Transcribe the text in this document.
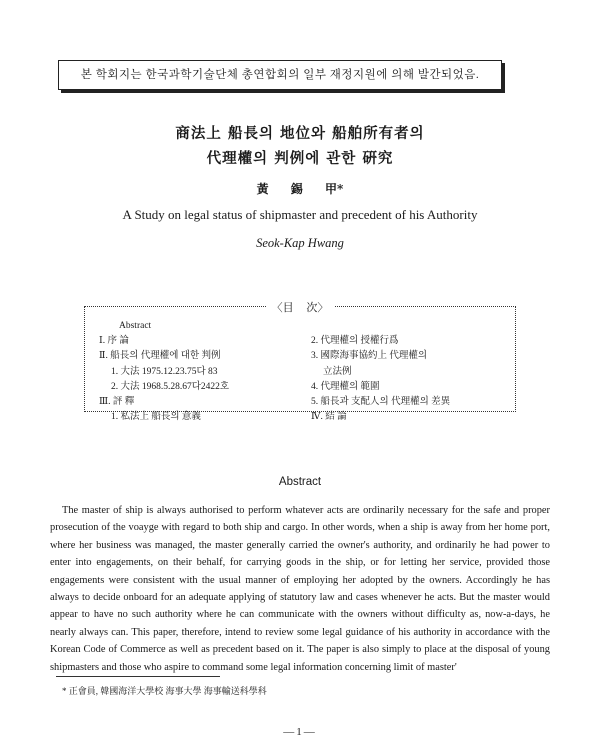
본 학회지는 한국과학기술단체 총연합회의 일부 재정지원에 의해 발간되었음.
商法上 船長의 地位와 船舶所有者의
代理權의 判例에 관한 硏究
黃 錫 甲*
A Study on legal status of shipmaster and precedent of his Authority
Seok-Kap Hwang
〈目 次〉
Abstract
Ⅰ. 序 論
Ⅱ. 船長의 代理權에 대한 判例
1. 大法 1975.12.23.75다 83
2. 大法 1968.5.28.67다2422호
Ⅲ. 評 釋
1. 私法上 船長의 意義

2. 代理權의 授權行爲
3. 國際海事協約上 代理權의
立法例
4. 代理權의 範圍
5. 船長과 支配人의 代理權의 差異
Ⅳ. 結 論
Abstract

The master of ship is always authorised to perform whatever acts are ordinarily necessary for the safe and proper prosecution of the voayge with regard to both ship and cargo. In other words, when a ship is away from her home port, where her business was managed, the master generally carried the owner's authority, and ordinarily he had power to enter into engagements, on their behalf, for carrying goods in the ship, or for letting her service, provided those engagements were consistent with the usual manner of employing her adopted by the owners. Accordingly he has always to decide onboard for an adequate applying of statutory law and cases whenever he acts. But the master would appear to have no such authority where he can communicate with the owners without difficulty as, now-a-days, he nearly always can. This paper, therefore, intend to review some legal guidance of his authority in accordance with the Korean Code of Commerce as well as precedent based on it. The paper is also simply to place at the disposal of young shipmasters and those who aspire to command some legal information concerning limit of master'

* 正會員, 韓國海洋大學校 海事大學 海事輸送科學科
—1—
